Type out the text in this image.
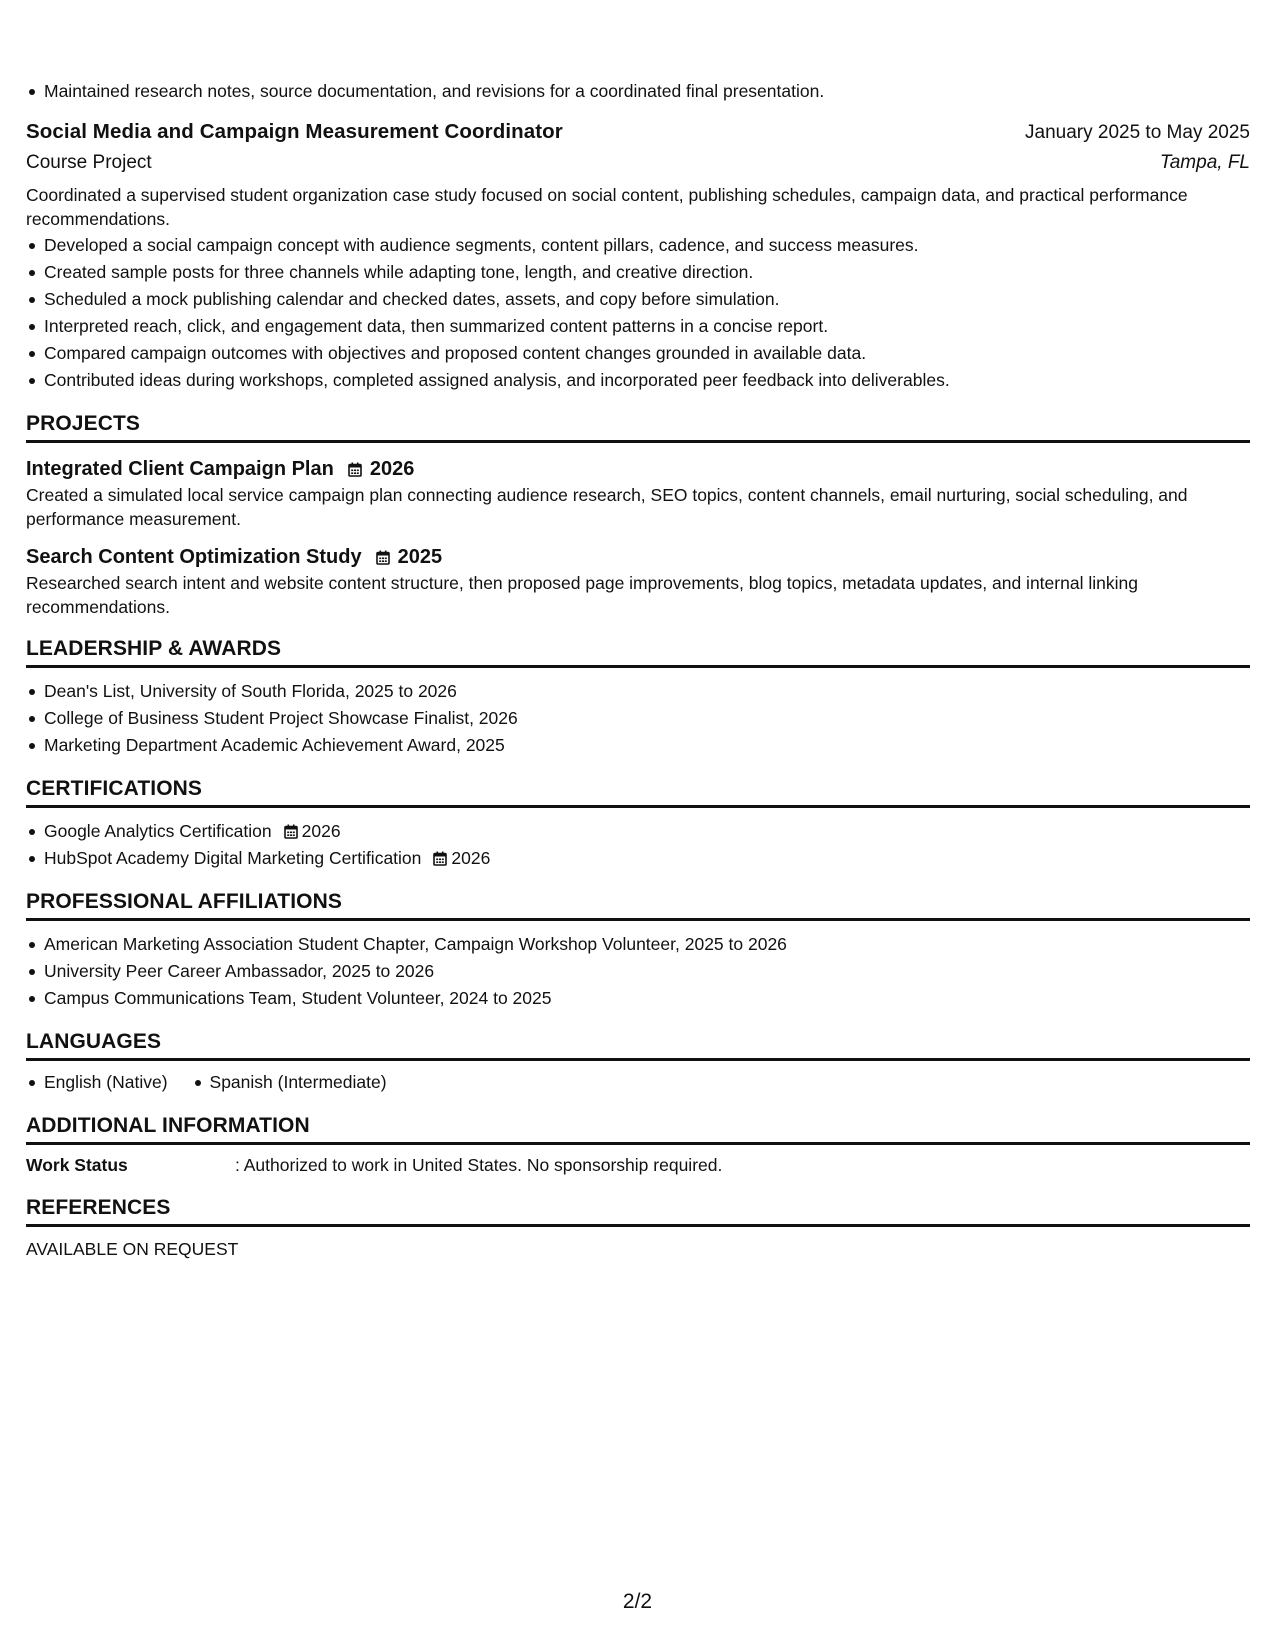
Maintained research notes, source documentation, and revisions for a coordinated final presentation.
Social Media and Campaign Measurement Coordinator	January 2025 to May 2025
Course Project	Tampa, FL
Coordinated a supervised student organization case study focused on social content, publishing schedules, campaign data, and practical performance recommendations.
Developed a social campaign concept with audience segments, content pillars, cadence, and success measures.
Created sample posts for three channels while adapting tone, length, and creative direction.
Scheduled a mock publishing calendar and checked dates, assets, and copy before simulation.
Interpreted reach, click, and engagement data, then summarized content patterns in a concise report.
Compared campaign outcomes with objectives and proposed content changes grounded in available data.
Contributed ideas during workshops, completed assigned analysis, and incorporated peer feedback into deliverables.
PROJECTS
Integrated Client Campaign Plan 2026
Created a simulated local service campaign plan connecting audience research, SEO topics, content channels, email nurturing, social scheduling, and performance measurement.
Search Content Optimization Study 2025
Researched search intent and website content structure, then proposed page improvements, blog topics, metadata updates, and internal linking recommendations.
LEADERSHIP & AWARDS
Dean's List, University of South Florida, 2025 to 2026
College of Business Student Project Showcase Finalist, 2026
Marketing Department Academic Achievement Award, 2025
CERTIFICATIONS
Google Analytics Certification 2026
HubSpot Academy Digital Marketing Certification 2026
PROFESSIONAL AFFILIATIONS
American Marketing Association Student Chapter, Campaign Workshop Volunteer, 2025 to 2026
University Peer Career Ambassador, 2025 to 2026
Campus Communications Team, Student Volunteer, 2024 to 2025
LANGUAGES
English (Native)	Spanish (Intermediate)
ADDITIONAL INFORMATION
Work Status	: Authorized to work in United States. No sponsorship required.
REFERENCES
AVAILABLE ON REQUEST
2/2
